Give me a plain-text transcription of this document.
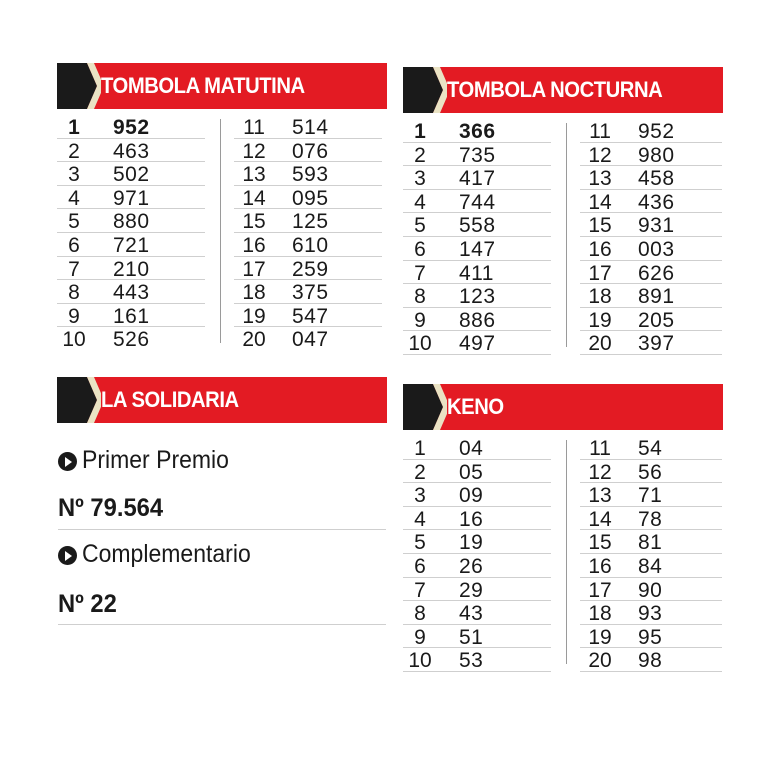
TOMBOLA MATUTINA
1	952
2	463
3	502
4	971
5	880
6	721
7	210
8	443
9	161
10 526
11	514
12	076
13	593
14	095
15	125
16	610
17	259
18	375
19	547
20	047
TOMBOLA NOCTURNA
1	366
2	735
3	417
4	744
5	558
6	147
7	411
8	123
9	886
10 497
11	952
12	980
13	458
14	436
15	931
16	003
17	626
18	891
19	205
20	397
LA SOLIDARIA
Primer Premio
Nº 79.564
Complementario
Nº 22
KENO
1	04
2	05
3	09
4	16
5	19
6	26
7	29
8	43
9	51
10 53
11	54
12	56
13	71
14	78
15	81
16	84
17	90
18	93
19	95
20	98
